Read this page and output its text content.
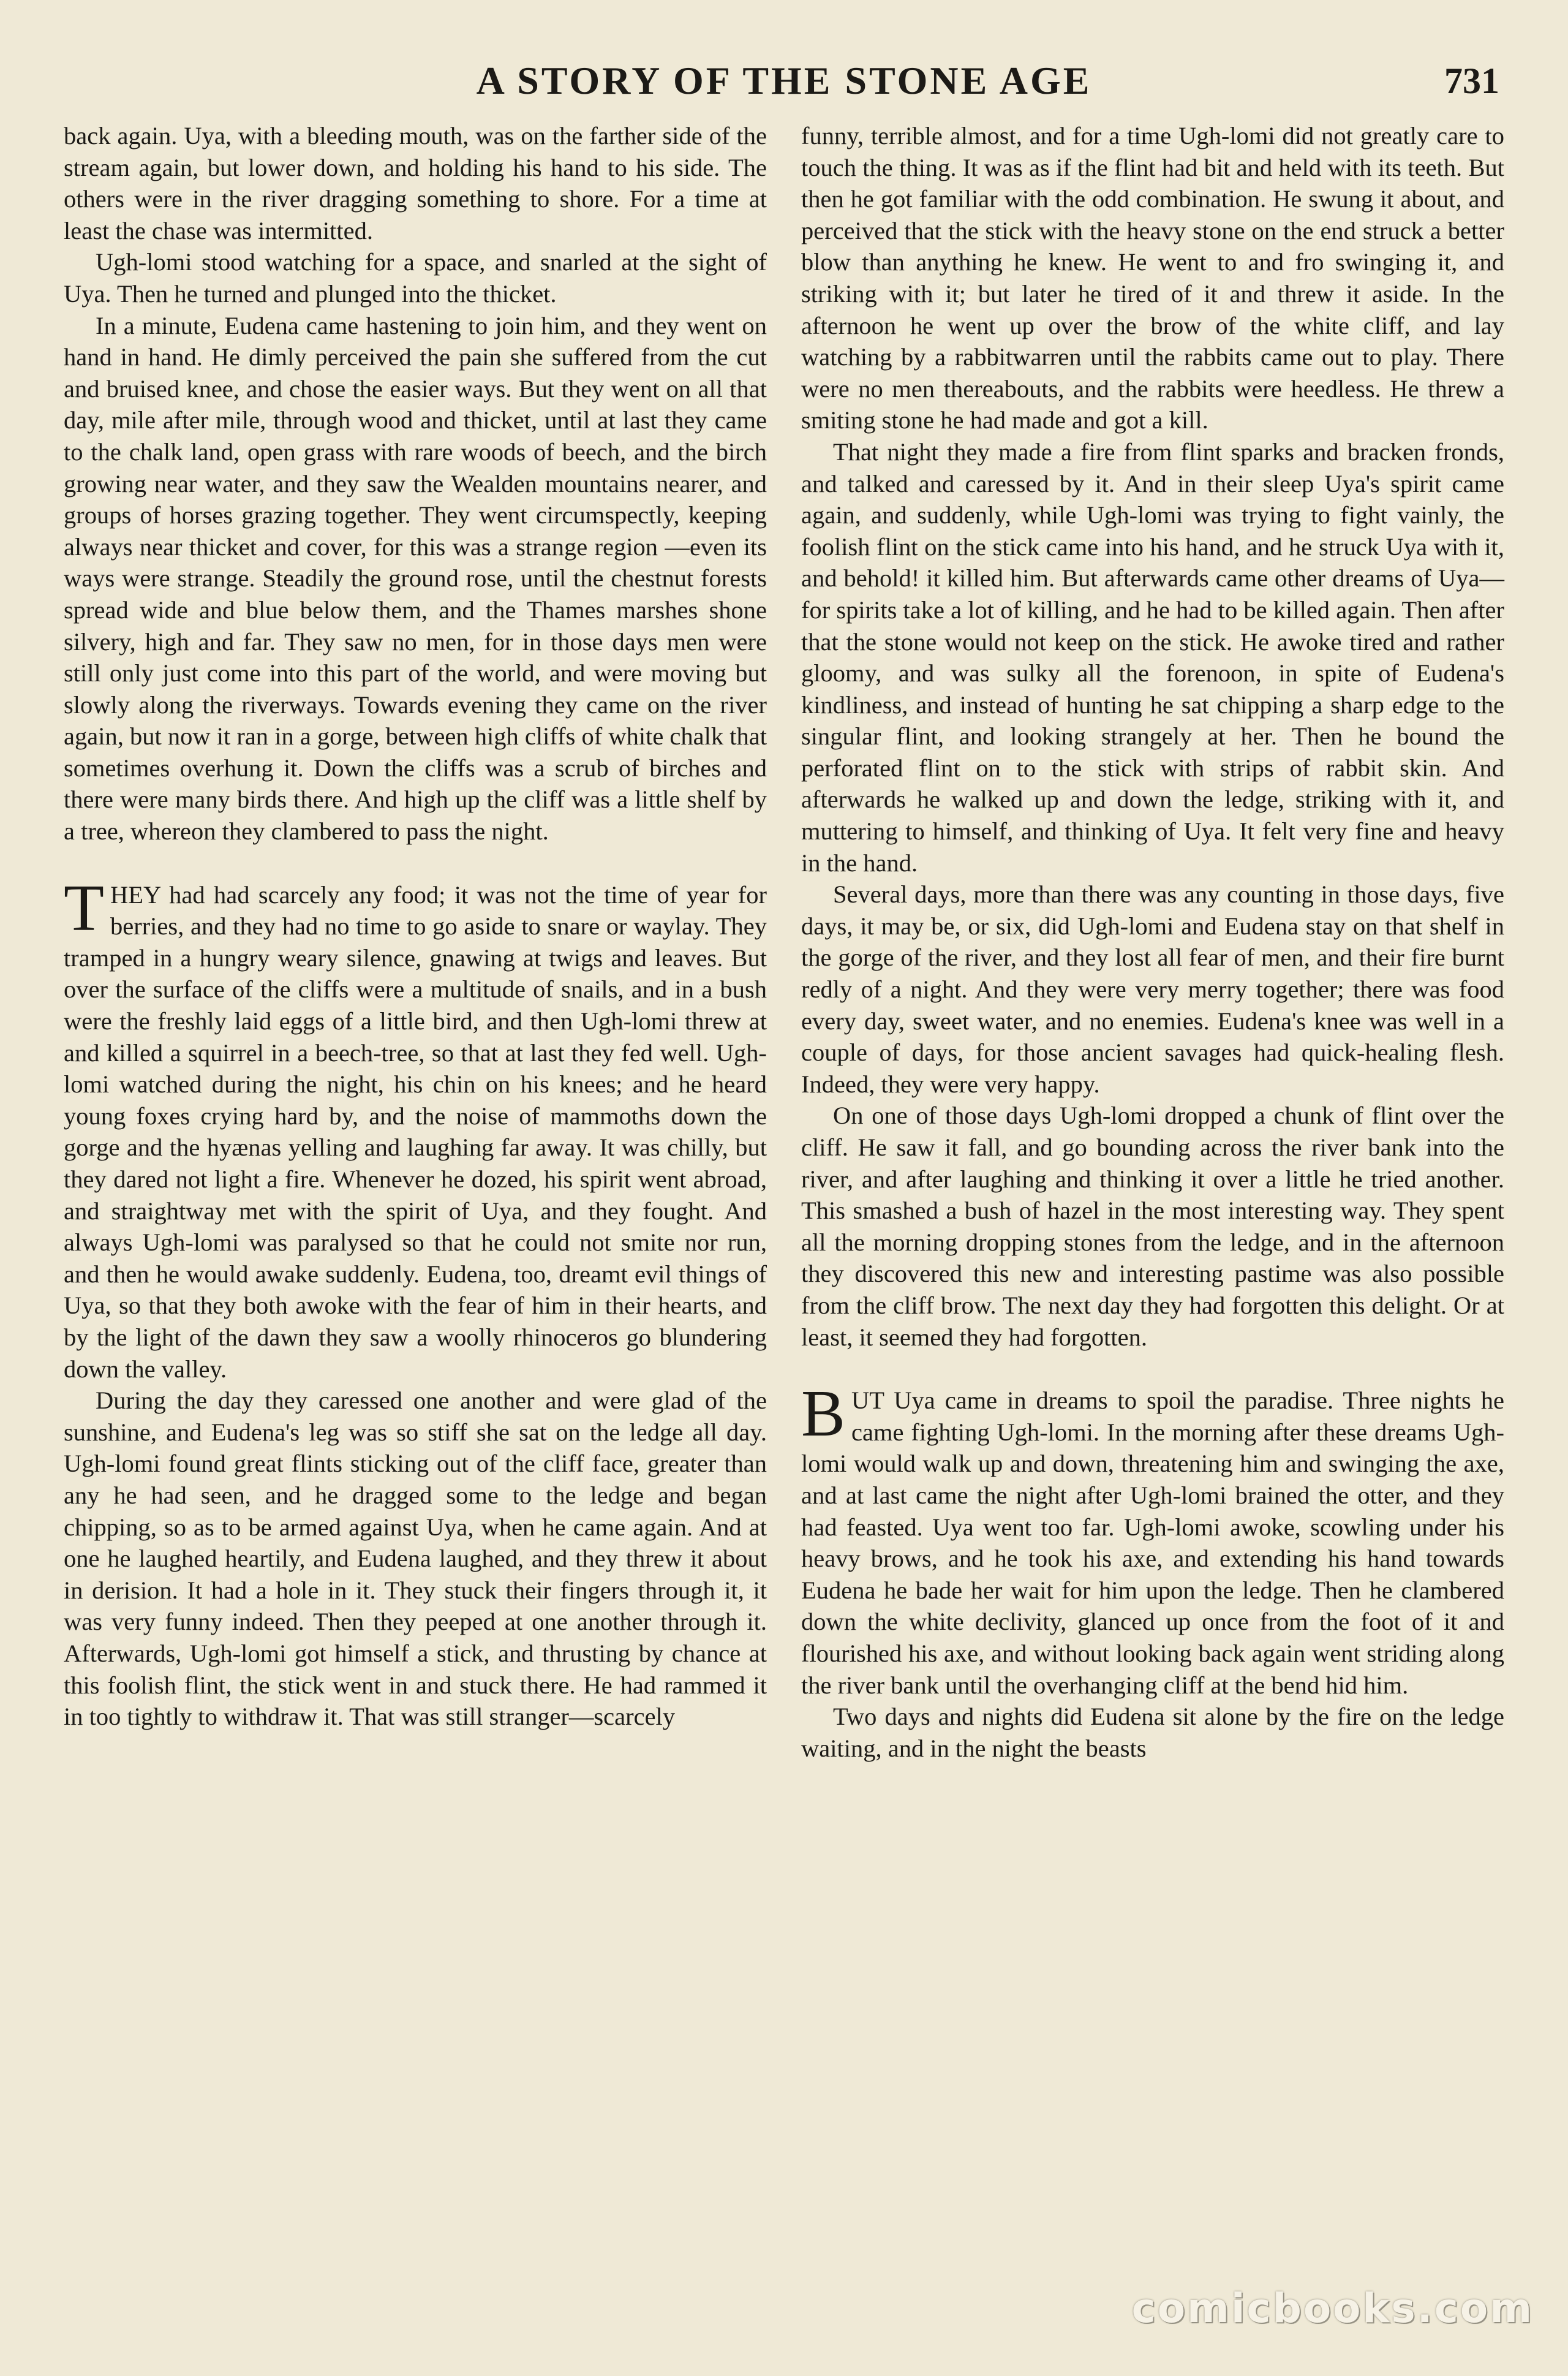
A STORY OF THE STONE AGE	731

back again. Uya, with a bleeding mouth, was on the farther side of the stream again, but lower down, and holding his hand to his side. The others were in the river dragging something to shore. For a time at least the chase was intermitted.

Ugh-lomi stood watching for a space, and snarled at the sight of Uya. Then he turned and plunged into the thicket.

In a minute, Eudena came hastening to join him, and they went on hand in hand. He dimly perceived the pain she suffered from the cut and bruised knee, and chose the easier ways. But they went on all that day, mile after mile, through wood and thicket, until at last they came to the chalk land, open grass with rare woods of beech, and the birch growing near water, and they saw the Wealden mountains nearer, and groups of horses grazing together. They went circumspectly, keeping always near thicket and cover, for this was a strange region —even its ways were strange. Steadily the ground rose, until the chestnut forests spread wide and blue below them, and the Thames marshes shone silvery, high and far. They saw no men, for in those days men were still only just come into this part of the world, and were moving but slowly along the riverways. Towards evening they came on the river again, but now it ran in a gorge, between high cliffs of white chalk that sometimes overhung it. Down the cliffs was a scrub of birches and there were many birds there. And high up the cliff was a little shelf by a tree, whereon they clambered to pass the night.

THEY had had scarcely any food; it was not the time of year for berries, and they had no time to go aside to snare or waylay. They tramped in a hungry weary silence, gnawing at twigs and leaves. But over the surface of the cliffs were a multitude of snails, and in a bush were the freshly laid eggs of a little bird, and then Ugh-lomi threw at and killed a squirrel in a beech-tree, so that at last they fed well. Ugh-lomi watched during the night, his chin on his knees; and he heard young foxes crying hard by, and the noise of mammoths down the gorge and the hyænas yelling and laughing far away. It was chilly, but they dared not light a fire. Whenever he dozed, his spirit went abroad, and straightway met with the spirit of Uya, and they fought. And always Ugh-lomi was paralysed so that he could not smite nor run, and then he would awake suddenly. Eudena, too, dreamt evil things of Uya, so that they both awoke with the fear of him in their hearts, and by the light of the dawn they saw a woolly rhinoceros go blundering down the valley.

During the day they caressed one another and were glad of the sunshine, and Eudena's leg was so stiff she sat on the ledge all day. Ugh-lomi found great flints sticking out of the cliff face, greater than any he had seen, and he dragged some to the ledge and began chipping, so as to be armed against Uya, when he came again. And at one he laughed heartily, and Eudena laughed, and they threw it about in derision. It had a hole in it. They stuck their fingers through it, it was very funny indeed. Then they peeped at one another through it. Afterwards, Ugh-lomi got himself a stick, and thrusting by chance at this foolish flint, the stick went in and stuck there. He had rammed it in too tightly to withdraw it. That was still stranger—scarcely

funny, terrible almost, and for a time Ugh-lomi did not greatly care to touch the thing. It was as if the flint had bit and held with its teeth. But then he got familiar with the odd combination. He swung it about, and perceived that the stick with the heavy stone on the end struck a better blow than anything he knew. He went to and fro swinging it, and striking with it; but later he tired of it and threw it aside. In the afternoon he went up over the brow of the white cliff, and lay watching by a rabbitwarren until the rabbits came out to play. There were no men thereabouts, and the rabbits were heedless. He threw a smiting stone he had made and got a kill.

That night they made a fire from flint sparks and bracken fronds, and talked and caressed by it. And in their sleep Uya's spirit came again, and suddenly, while Ugh-lomi was trying to fight vainly, the foolish flint on the stick came into his hand, and he struck Uya with it, and behold! it killed him. But afterwards came other dreams of Uya—for spirits take a lot of killing, and he had to be killed again. Then after that the stone would not keep on the stick. He awoke tired and rather gloomy, and was sulky all the forenoon, in spite of Eudena's kindliness, and instead of hunting he sat chipping a sharp edge to the singular flint, and looking strangely at her. Then he bound the perforated flint on to the stick with strips of rabbit skin. And afterwards he walked up and down the ledge, striking with it, and muttering to himself, and thinking of Uya. It felt very fine and heavy in the hand.

Several days, more than there was any counting in those days, five days, it may be, or six, did Ugh-lomi and Eudena stay on that shelf in the gorge of the river, and they lost all fear of men, and their fire burnt redly of a night. And they were very merry together; there was food every day, sweet water, and no enemies. Eudena's knee was well in a couple of days, for those ancient savages had quick-healing flesh. Indeed, they were very happy.

On one of those days Ugh-lomi dropped a chunk of flint over the cliff. He saw it fall, and go bounding across the river bank into the river, and after laughing and thinking it over a little he tried another. This smashed a bush of hazel in the most interesting way. They spent all the morning dropping stones from the ledge, and in the afternoon they discovered this new and interesting pastime was also possible from the cliff brow. The next day they had forgotten this delight. Or at least, it seemed they had forgotten.

BUT Uya came in dreams to spoil the paradise. Three nights he came fighting Ugh-lomi. In the morning after these dreams Ugh-lomi would walk up and down, threatening him and swinging the axe, and at last came the night after Ugh-lomi brained the otter, and they had feasted. Uya went too far. Ugh-lomi awoke, scowling under his heavy brows, and he took his axe, and extending his hand towards Eudena he bade her wait for him upon the ledge. Then he clambered down the white declivity, glanced up once from the foot of it and flourished his axe, and without looking back again went striding along the river bank until the overhanging cliff at the bend hid him.

Two days and nights did Eudena sit alone by the fire on the ledge waiting, and in the night the beasts

comicbooks.com
